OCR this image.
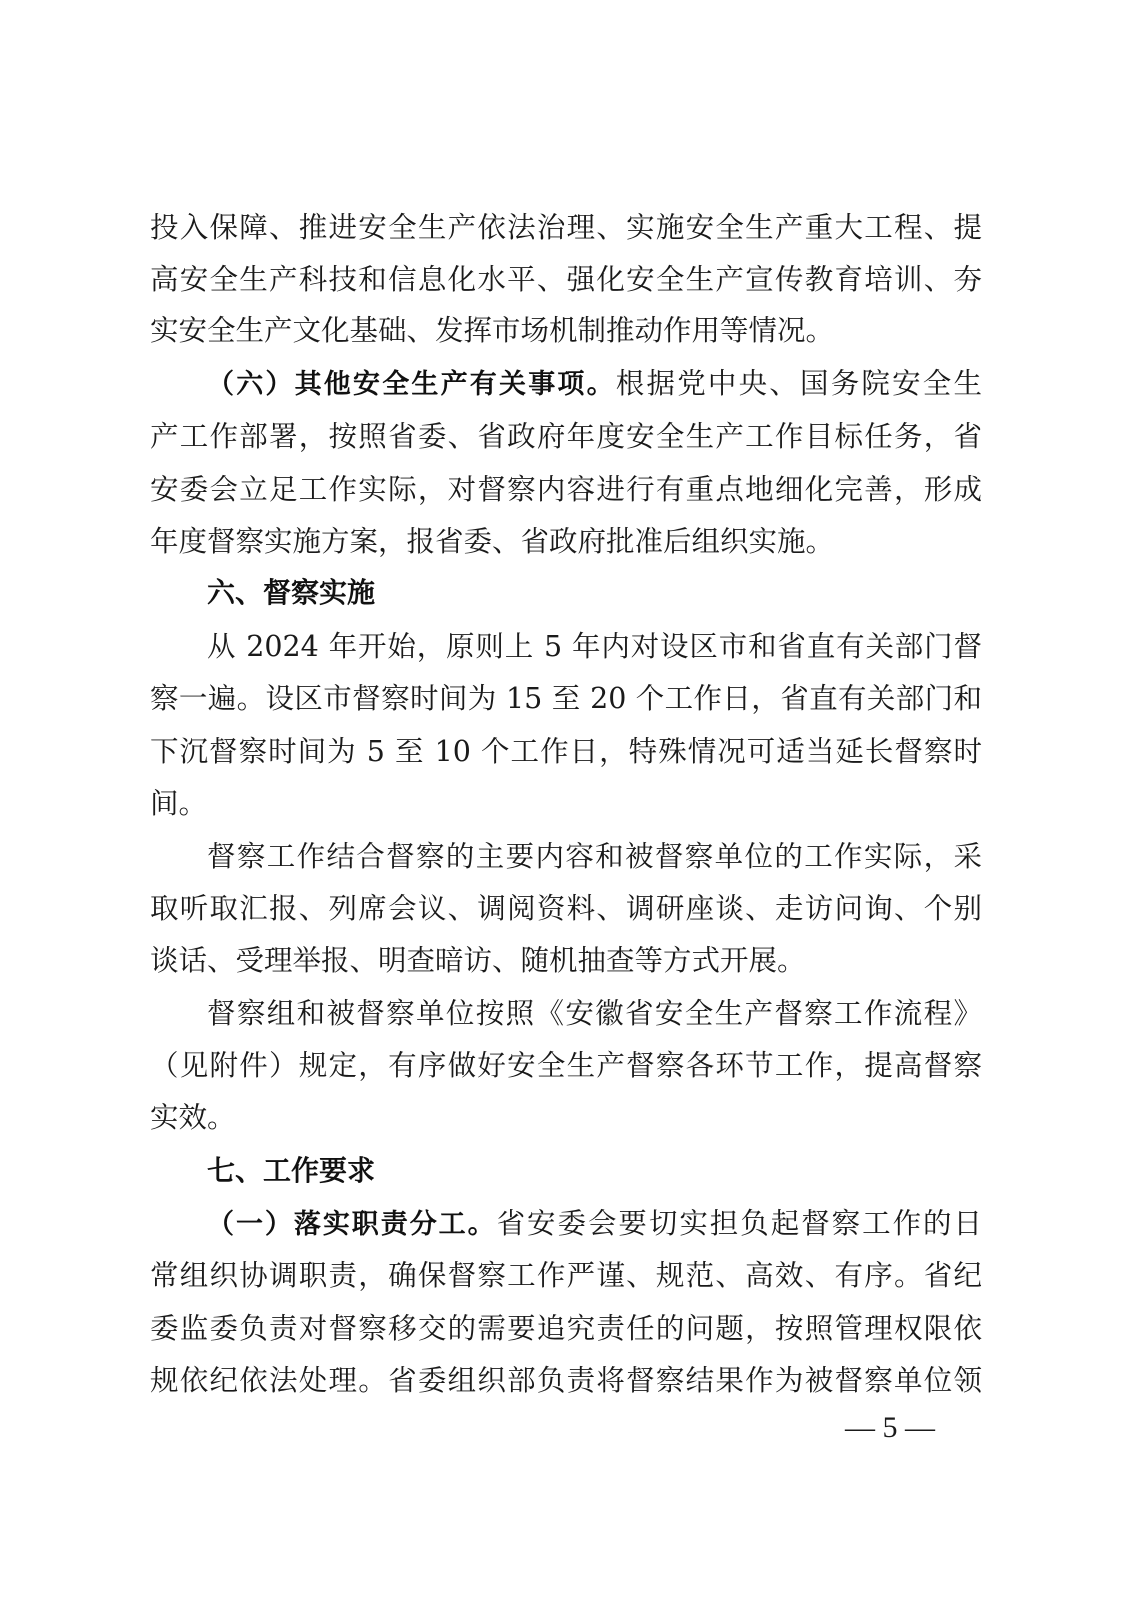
投入保障、推进安全生产依法治理、实施安全生产重大工程、提
高安全生产科技和信息化水平、强化安全生产宣传教育培训、夯
实安全生产文化基础、发挥市场机制推动作用等情况。
（六）其他安全生产有关事项。根据党中央、国务院安全生
产工作部署，按照省委、省政府年度安全生产工作目标任务，省
安委会立足工作实际，对督察内容进行有重点地细化完善，形成
年度督察实施方案，报省委、省政府批准后组织实施。
六、督察实施
从 2024 年开始，原则上 5 年内对设区市和省直有关部门督
察一遍。设区市督察时间为 15 至 20 个工作日，省直有关部门和
下沉督察时间为 5 至 10 个工作日，特殊情况可适当延长督察时
间。
督察工作结合督察的主要内容和被督察单位的工作实际，采
取听取汇报、列席会议、调阅资料、调研座谈、走访问询、个别
谈话、受理举报、明查暗访、随机抽查等方式开展。
督察组和被督察单位按照《安徽省安全生产督察工作流程》
（见附件）规定，有序做好安全生产督察各环节工作，提高督察
实效。
七、工作要求
（一）落实职责分工。省安委会要切实担负起督察工作的日
常组织协调职责，确保督察工作严谨、规范、高效、有序。省纪
委监委负责对督察移交的需要追究责任的问题，按照管理权限依
规依纪依法处理。省委组织部负责将督察结果作为被督察单位领
— 5 —
